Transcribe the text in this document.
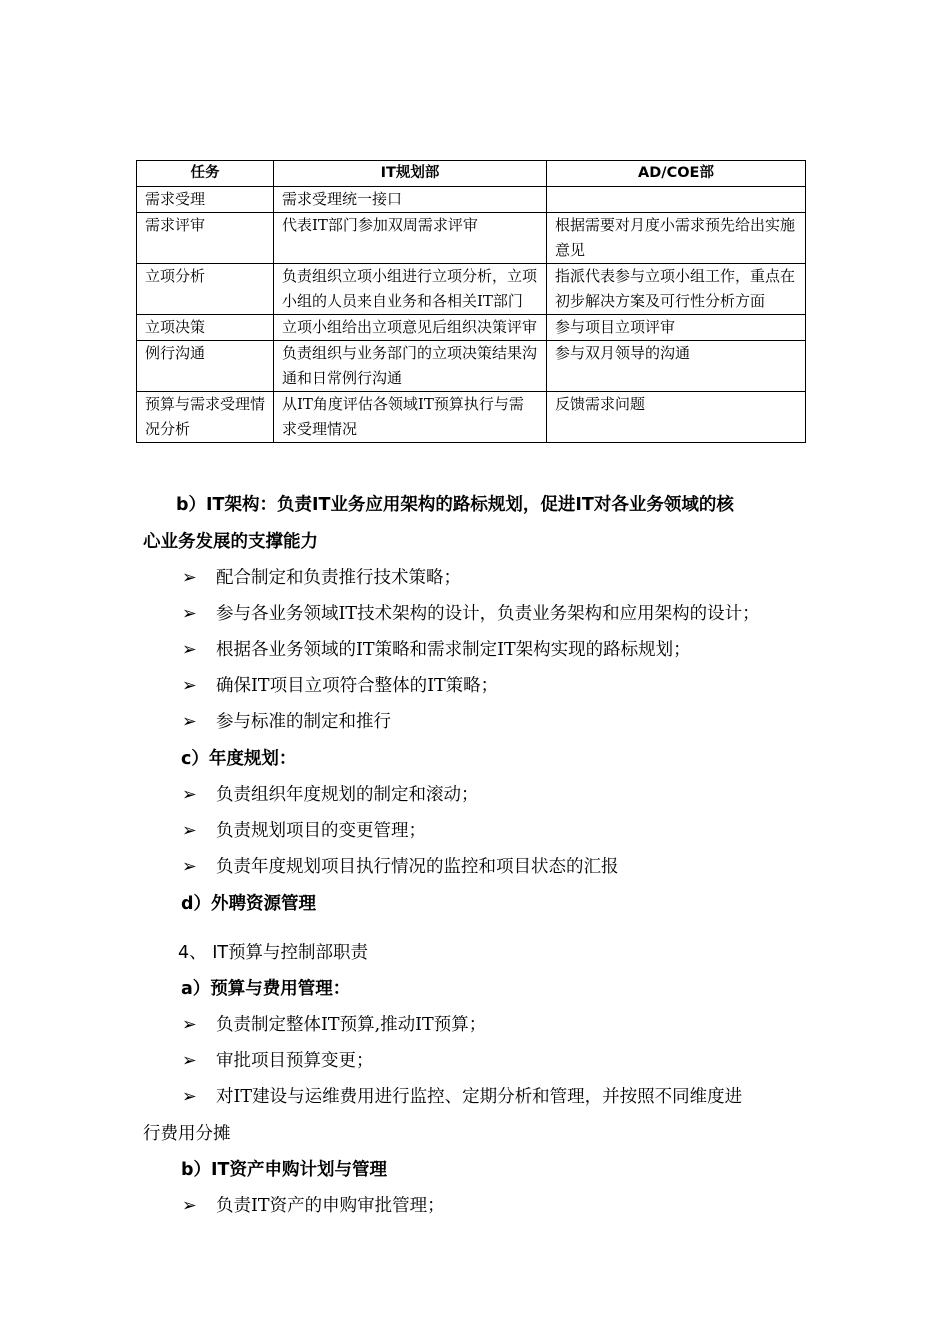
任务	IT规划部	AD/COE部
需求受理	需求受理统一接口	
需求评审	代表IT部门参加双周需求评审	根据需要对月度小需求预先给出实施意见
立项分析	负责组织立项小组进行立项分析，立项小组的人员来自业务和各相关IT部门	指派代表参与立项小组工作，重点在初步解决方案及可行性分析方面
立项决策	立项小组给出立项意见后组织决策评审	参与项目立项评审
例行沟通	负责组织与业务部门的立项决策结果沟通和日常例行沟通	参与双月领导的沟通
预算与需求受理情况分析	从IT角度评估各领域IT预算执行与需求受理情况	反馈需求问题
b）IT架构：负责IT业务应用架构的路标规划，促进IT对各业务领域的核
心业务发展的支撑能力
➢ 配合制定和负责推行技术策略；
➢ 参与各业务领域IT技术架构的设计，负责业务架构和应用架构的设计；
➢ 根据各业务领域的IT策略和需求制定IT架构实现的路标规划；
➢ 确保IT项目立项符合整体的IT策略；
➢ 参与标准的制定和推行
c）年度规划：
➢ 负责组织年度规划的制定和滚动；
➢ 负责规划项目的变更管理；
➢ 负责年度规划项目执行情况的监控和项目状态的汇报
d）外聘资源管理
4、 IT预算与控制部职责
a）预算与费用管理：
➢ 负责制定整体IT预算,推动IT预算；
➢ 审批项目预算变更；
➢ 对IT建设与运维费用进行监控、定期分析和管理，并按照不同维度进
行费用分摊
b）IT资产申购计划与管理
➢ 负责IT资产的申购审批管理；
